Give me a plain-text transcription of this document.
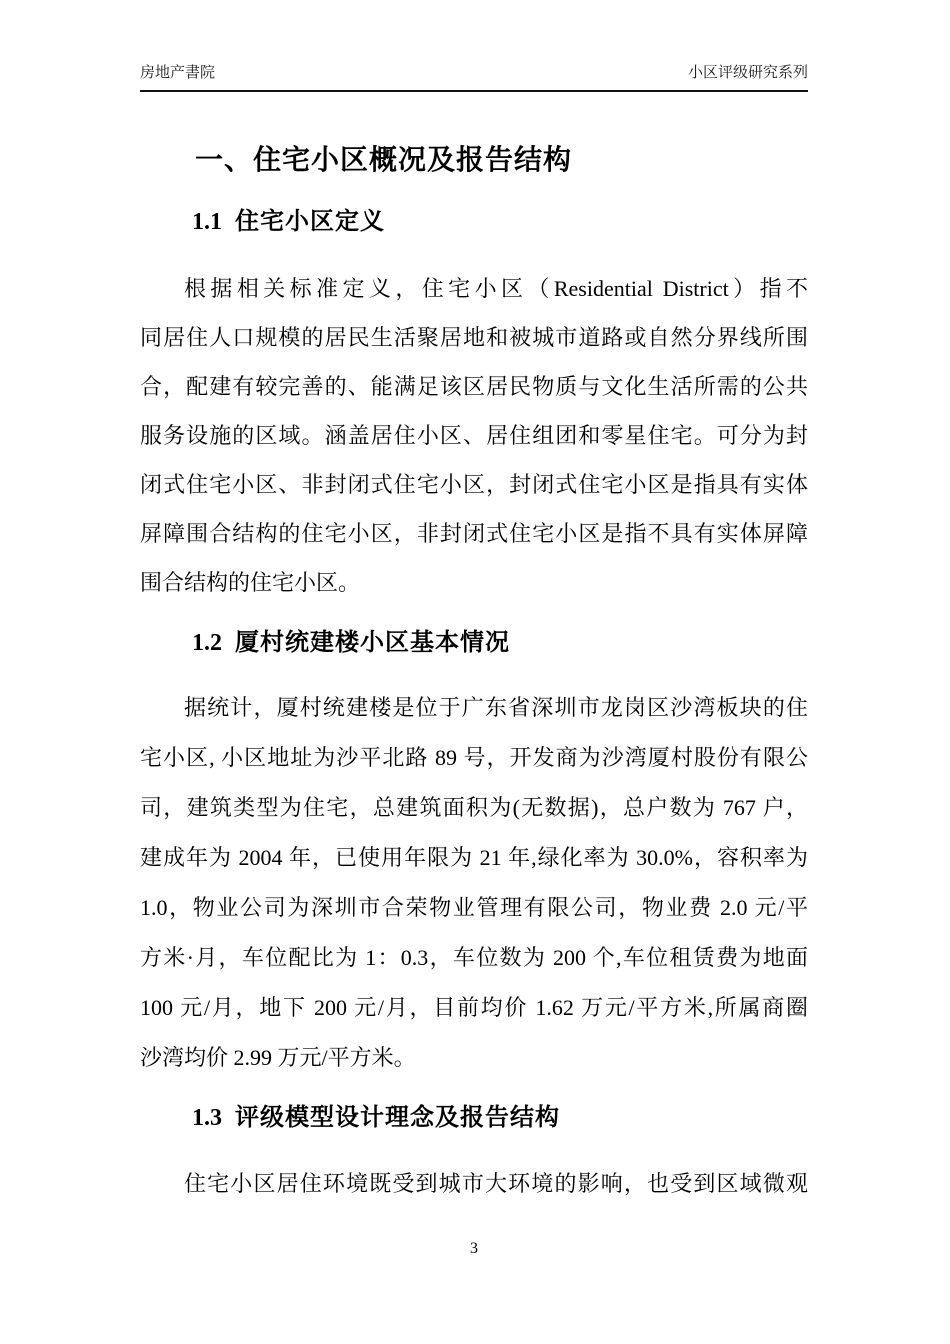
房地产書院	小区评级研究系列
一、住宅小区概况及报告结构
1.1 住宅小区定义
根据相关标准定义，住宅小区（Residential District）指不
同居住人口规模的居民生活聚居地和被城市道路或自然分界线所围
合，配建有较完善的、能满足该区居民物质与文化生活所需的公共
服务设施的区域。涵盖居住小区、居住组团和零星住宅。可分为封
闭式住宅小区、非封闭式住宅小区，封闭式住宅小区是指具有实体
屏障围合结构的住宅小区，非封闭式住宅小区是指不具有实体屏障
围合结构的住宅小区。
1.2 厦村统建楼小区基本情况
据统计，厦村统建楼是位于广东省深圳市龙岗区沙湾板块的住
宅小区, 小区地址为沙平北路 89 号，开发商为沙湾厦村股份有限公
司，建筑类型为住宅，总建筑面积为(无数据)，总户数为 767 户，
建成年为 2004 年，已使用年限为 21 年,绿化率为 30.0%，容积率为
1.0，物业公司为深圳市合荣物业管理有限公司，物业费 2.0 元/平
方米·月，车位配比为 1：0.3，车位数为 200 个,车位租赁费为地面
100 元/月，地下 200 元/月，目前均价 1.62 万元/平方米,所属商圈
沙湾均价 2.99 万元/平方米。
1.3 评级模型设计理念及报告结构
住宅小区居住环境既受到城市大环境的影响，也受到区域微观
3
